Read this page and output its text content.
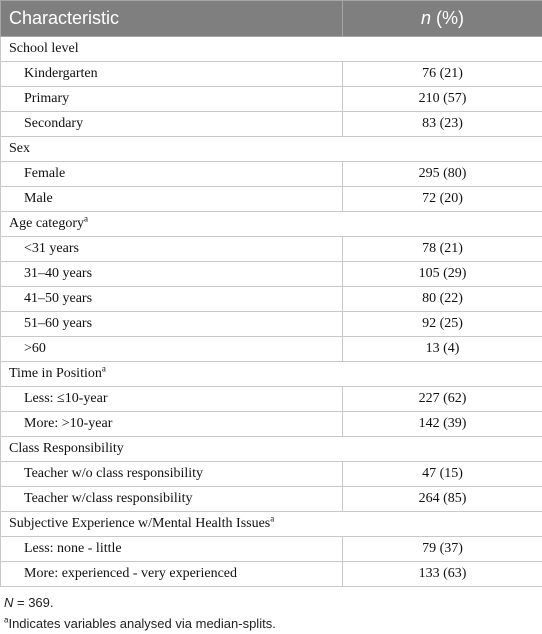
Characteristic	n (%)
School level	
Kindergarten	76 (21)
Primary	210 (57)
Secondary	83 (23)
Sex	
Female	295 (80)
Male	72 (20)
Age category$^a$
<31 years	78 (21)
31–40 years	105 (29)
41–50 years	80 (22)
51–60 years	92 (25)
>60	13 (4)
Time in Position$^a$
Less: ≤10-year	227 (62)
More: >10-year	142 (39)
Class Responsibility	
Teacher w/o class responsibility	47 (15)
Teacher w/class responsibility	264 (85)
Subjective Experience w/Mental Health Issues$^a$
Less: none - little	79 (37)
More: experienced - very experienced	133 (63)
N = 369.
$^a$Indicates variables analysed via median-splits.
